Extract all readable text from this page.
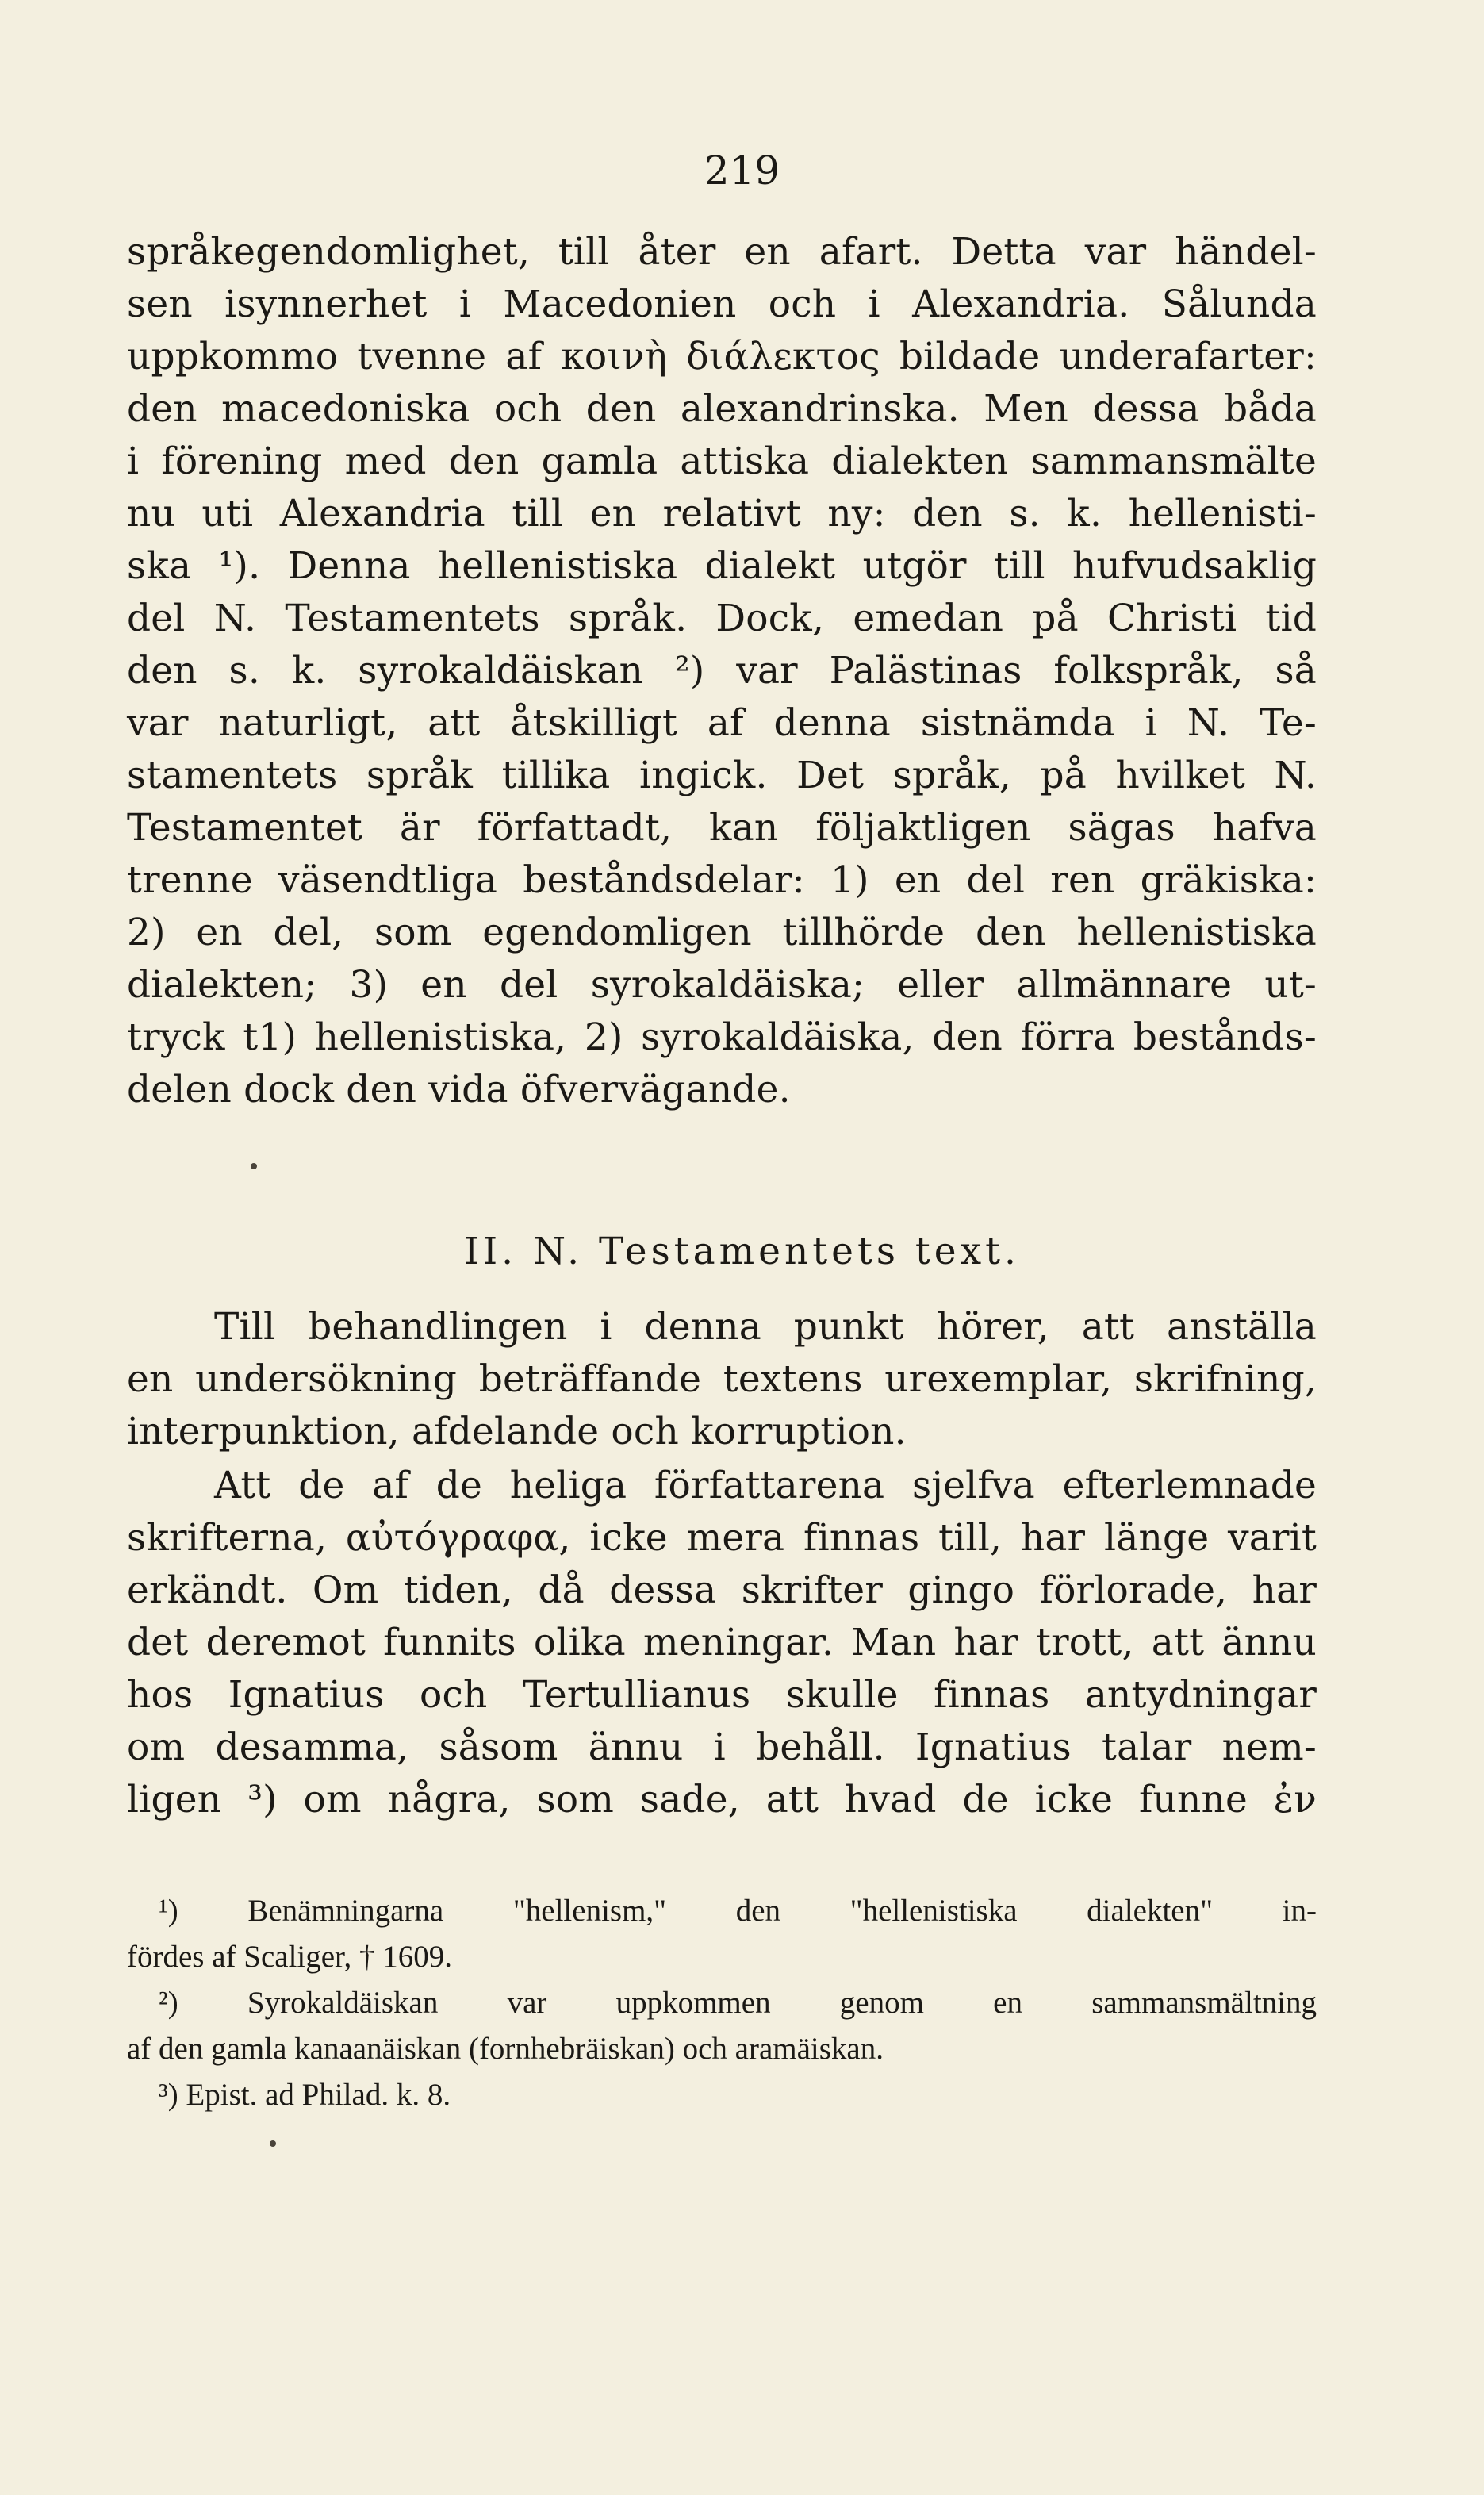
219
språkegendomlighet, till åter en afart. Detta var händel-
sen isynnerhet i Macedonien och i Alexandria. Sålunda
uppkommo tvenne af κοινὴ διάλεκτος bildade underafarter:
den macedoniska och den alexandrinska. Men dessa båda
i förening med den gamla attiska dialekten sammansmälte
nu uti Alexandria till en relativt ny: den s. k. hellenisti-
ska ¹). Denna hellenistiska dialekt utgör till hufvudsaklig
del N. Testamentets språk. Dock, emedan på Christi tid
den s. k. syrokaldäiskan ²) var Palästinas folkspråk, så
var naturligt, att åtskilligt af denna sistnämda i N. Te-
stamentets språk tillika ingick. Det språk, på hvilket N.
Testamentet är författadt, kan följaktligen sägas hafva
trenne väsendtliga beståndsdelar: 1) en del ren gräkiska:
2) en del, som egendomligen tillhörde den hellenistiska
dialekten; 3) en del syrokaldäiska; eller allmännare ut-
tryck t1) hellenistiska, 2) syrokaldäiska, den förra bestånds-
delen dock den vida öfvervägande.
II. N. Testamentets text.
Till behandlingen i denna punkt hörer, att anställa
en undersökning beträffande textens urexemplar, skrifning,
interpunktion, afdelande och korruption.
Att de af de heliga författarena sjelfva efterlemnade
skrifterna, αὐτόγραφα, icke mera finnas till, har länge varit
erkändt. Om tiden, då dessa skrifter gingo förlorade, har
det deremot funnits olika meningar. Man har trott, att ännu
hos Ignatius och Tertullianus skulle finnas antydningar
om desamma, såsom ännu i behåll. Ignatius talar nem-
ligen ³) om några, som sade, att hvad de icke funne ἐν
¹) Benämningarna "hellenism," den "hellenistiska dialekten" in-
fördes af Scaliger, † 1609.
²) Syrokaldäiskan var uppkommen genom en sammansmältning
af den gamla kanaanäiskan (fornhebräiskan) och aramäiskan.
³) Epist. ad Philad. k. 8.
